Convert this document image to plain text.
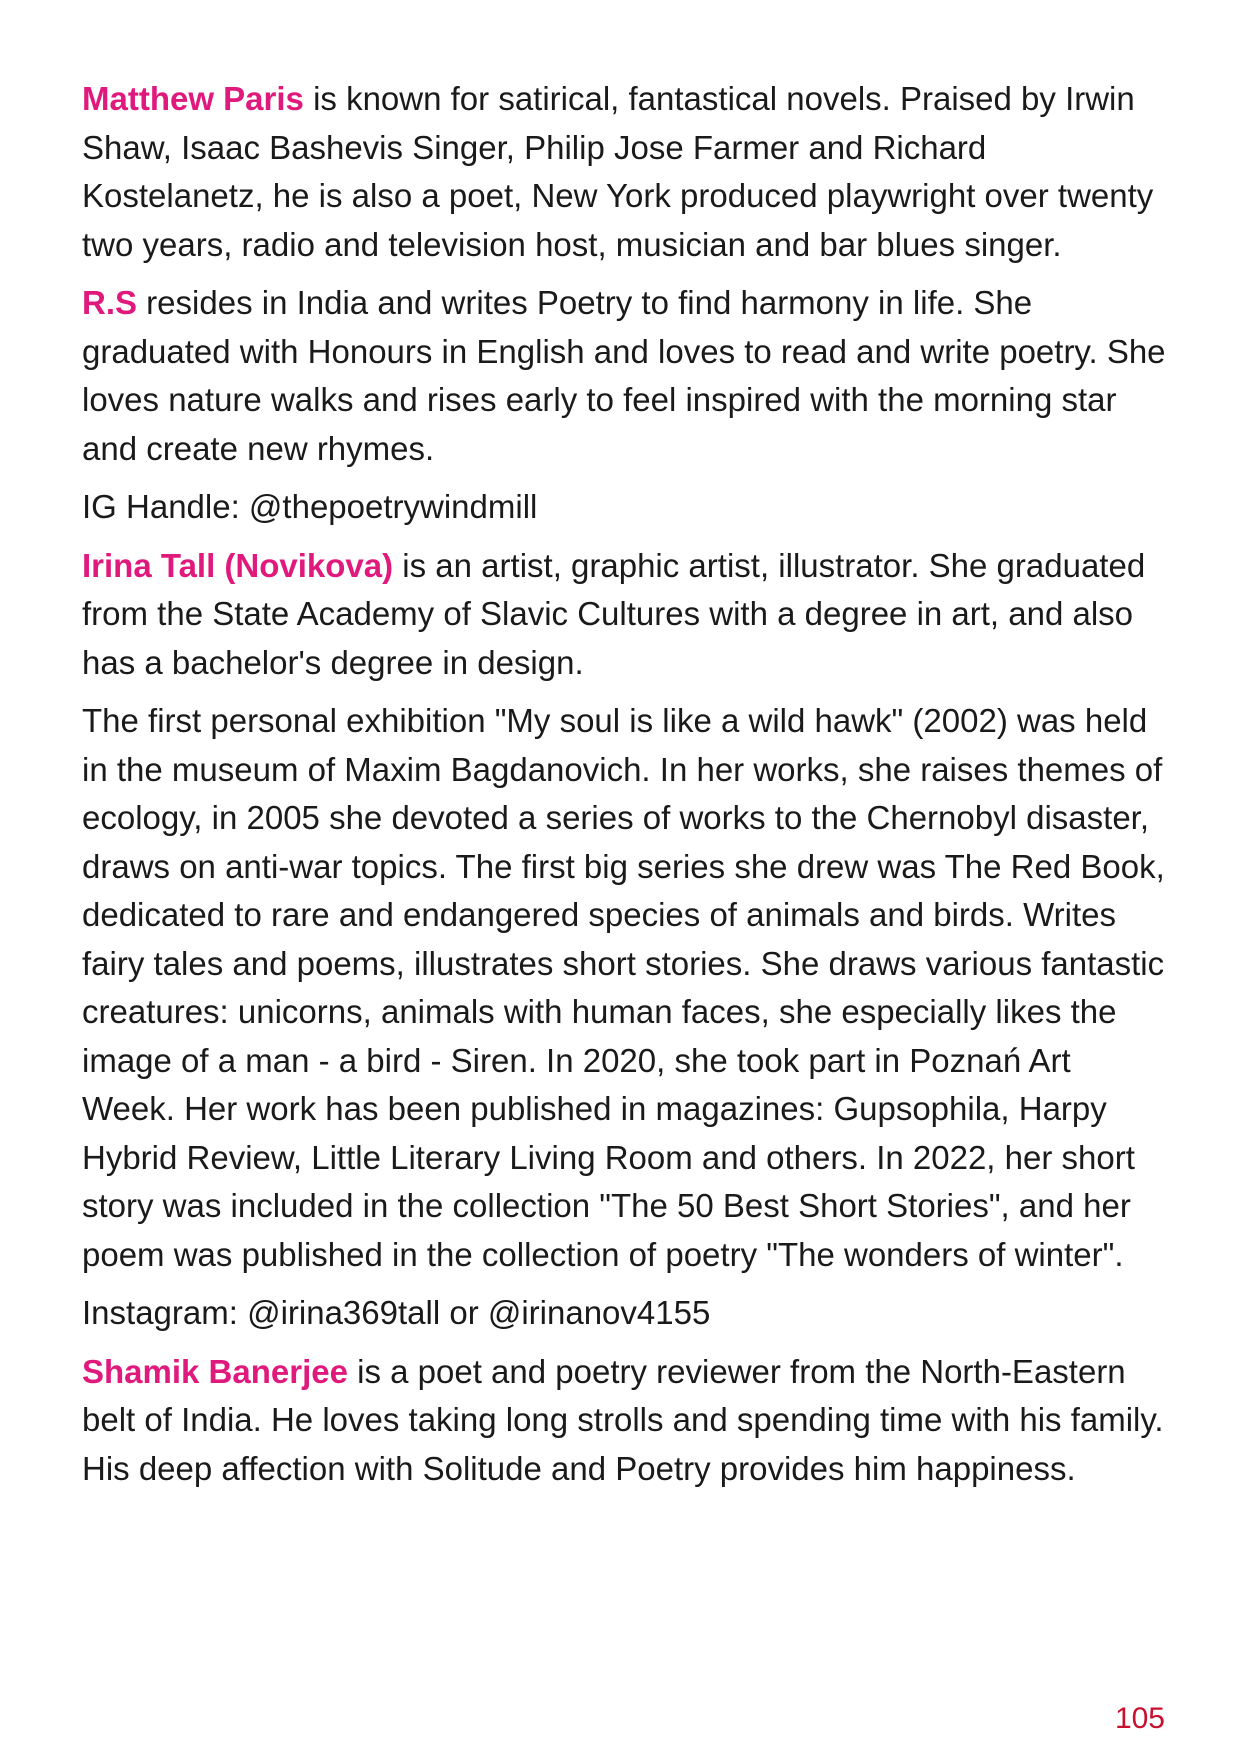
Matthew Paris is known for satirical, fantastical novels. Praised by Irwin Shaw, Isaac Bashevis Singer, Philip Jose Farmer and Richard Kostelanetz, he is also a poet, New York produced playwright over twenty two years, radio and television host, musician and bar blues singer.

R.S resides in India and writes Poetry to find harmony in life. She graduated with Honours in English and loves to read and write poetry. She loves nature walks and rises early to feel inspired with the morning star and create new rhymes.

IG Handle: @thepoetrywindmill

Irina Tall (Novikova) is an artist, graphic artist, illustrator. She graduated from the State Academy of Slavic Cultures with a degree in art, and also has a bachelor's degree in design.

The first personal exhibition "My soul is like a wild hawk" (2002) was held in the museum of Maxim Bagdanovich. In her works, she raises themes of ecology, in 2005 she devoted a series of works to the Chernobyl disaster, draws on anti-war topics. The first big series she drew was The Red Book, dedicated to rare and endangered species of animals and birds. Writes fairy tales and poems, illustrates short stories. She draws various fantastic creatures: unicorns, animals with human faces, she especially likes the image of a man - a bird - Siren. In 2020, she took part in Poznań Art Week. Her work has been published in magazines: Gupsophila, Harpy Hybrid Review, Little Literary Living Room and others. In 2022, her short story was included in the collection "The 50 Best Short Stories", and her poem was published in the collection of poetry "The wonders of winter".

Instagram: @irina369tall or @irinanov4155

Shamik Banerjee is a poet and poetry reviewer from the North-Eastern belt of India. He loves taking long strolls and spending time with his family. His deep affection with Solitude and Poetry provides him happiness.

105
